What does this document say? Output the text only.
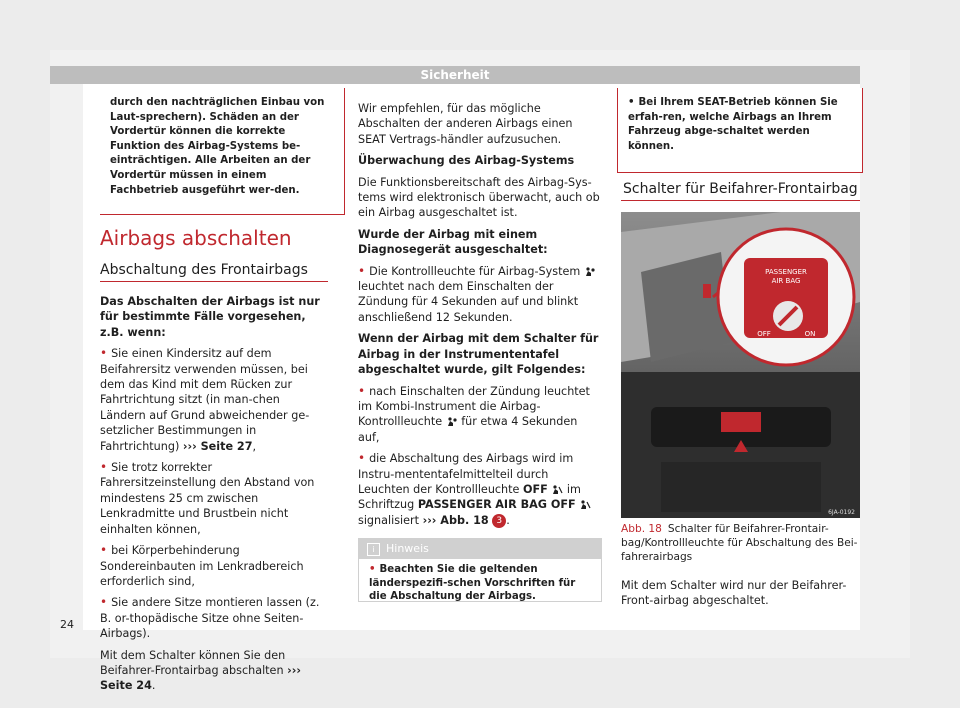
Sicherheit
durch den nachträglichen Einbau von Laut-sprechern). Schäden an der Vordertür können die korrekte Funktion des Airbag-Systems be-einträchtigen. Alle Arbeiten an der Vordertür müssen in einem Fachbetrieb ausgeführt wer-den.
Airbags abschalten
Abschaltung des Frontairbags

Das Abschalten der Airbags ist nur für bestimmte Fälle vorgesehen, z.B. wenn:

• Sie einen Kindersitz auf dem Beifahrersitz verwenden müssen, bei dem das Kind mit dem Rücken zur Fahrtrichtung sitzt (in man-chen Ländern auf Grund abweichender ge-setzlicher Bestimmungen in Fahrtrichtung) ››› Seite 27,

• Sie trotz korrekter Fahrersitzeinstellung den Abstand von mindestens 25 cm zwischen Lenkradmitte und Brustbein nicht einhalten können,

• bei Körperbehinderung Sondereinbauten im Lenkradbereich erforderlich sind,

• Sie andere Sitze montieren lassen (z. B. or-thopädische Sitze ohne Seiten-Airbags).

Mit dem Schalter können Sie den Beifahrer-Frontairbag abschalten ››› Seite 24.

Wir empfehlen, für das mögliche Abschalten der anderen Airbags einen SEAT Vertrags-händler aufzusuchen.

Überwachung des Airbag-Systems

Die Funktionsbereitschaft des Airbag-Sys-tems wird elektronisch überwacht, auch ob ein Airbag ausgeschaltet ist.

Wurde der Airbag mit einem Diagnosegerät ausgeschaltet:

• Die Kontrollleuchte für Airbag-System  leuchtet nach dem Einschalten der Zündung für 4 Sekunden auf und blinkt anschließend 12 Sekunden.

Wenn der Airbag mit dem Schalter für Airbag in der Instrumententafel abgeschaltet wurde, gilt Folgendes:

• nach Einschalten der Zündung leuchtet im Kombi-Instrument die Airbag- Kontrollleuchte für etwa 4 Sekunden auf,

• die Abschaltung des Airbags wird im Instru-mententafelmittelteil durch Leuchten der Kontrollleuchte OFF im Schriftzug PASSENGER AIR BAG OFF  signalisiert ››› Abb. 18 3 .

i Hinweis
• Beachten Sie die geltenden länderspezifi-schen Vorschriften für die Abschaltung der Airbags.
• Bei Ihrem SEAT-Betrieb können Sie erfah-ren, welche Airbags an Ihrem Fahrzeug abge-schaltet werden können.
Schalter für Beifahrer-Frontairbag
PASSENGER
AIR BAG
OFF	ON
6JA-0192
Abb. 18 Schalter für Beifahrer-Frontair-bag/Kontrollleuchte für Abschaltung des Bei-fahrerairbags

Mit dem Schalter wird nur der Beifahrer-Front-airbag abgeschaltet.

24
